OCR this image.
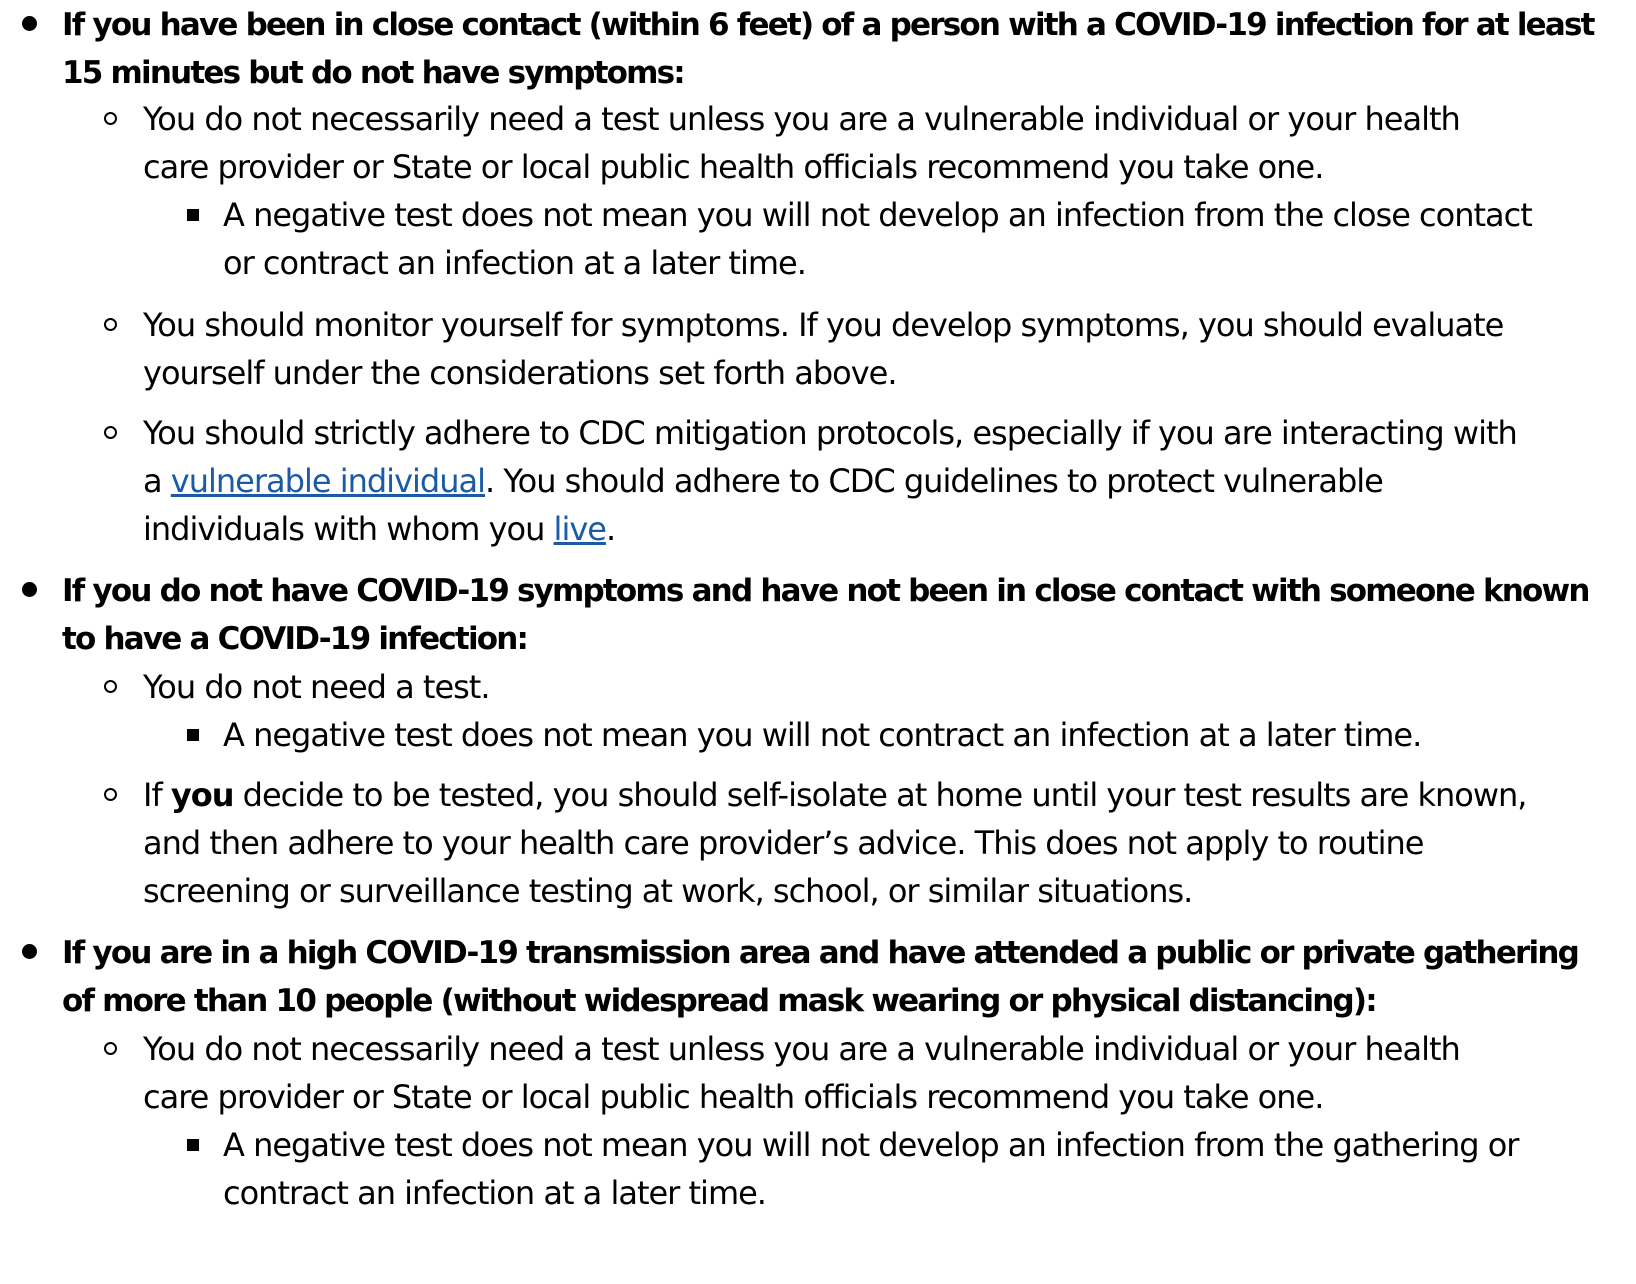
If you have been in close contact (within 6 feet) of a person with a COVID-19 infection for at least
15 minutes but do not have symptoms:
You do not necessarily need a test unless you are a vulnerable individual or your health
care provider or State or local public health officials recommend you take one.
A negative test does not mean you will not develop an infection from the close contact
or contract an infection at a later time.
You should monitor yourself for symptoms. If you develop symptoms, you should evaluate
yourself under the considerations set forth above.
You should strictly adhere to CDC mitigation protocols, especially if you are interacting with
a vulnerable individual. You should adhere to CDC guidelines to protect vulnerable
individuals with whom you live.
If you do not have COVID-19 symptoms and have not been in close contact with someone known
to have a COVID-19 infection:
You do not need a test.
A negative test does not mean you will not contract an infection at a later time.
If you decide to be tested, you should self-isolate at home until your test results are known,
and then adhere to your health care provider’s advice. This does not apply to routine
screening or surveillance testing at work, school, or similar situations.
If you are in a high COVID-19 transmission area and have attended a public or private gathering
of more than 10 people (without widespread mask wearing or physical distancing):
You do not necessarily need a test unless you are a vulnerable individual or your health
care provider or State or local public health officials recommend you take one.
A negative test does not mean you will not develop an infection from the gathering or
contract an infection at a later time.
